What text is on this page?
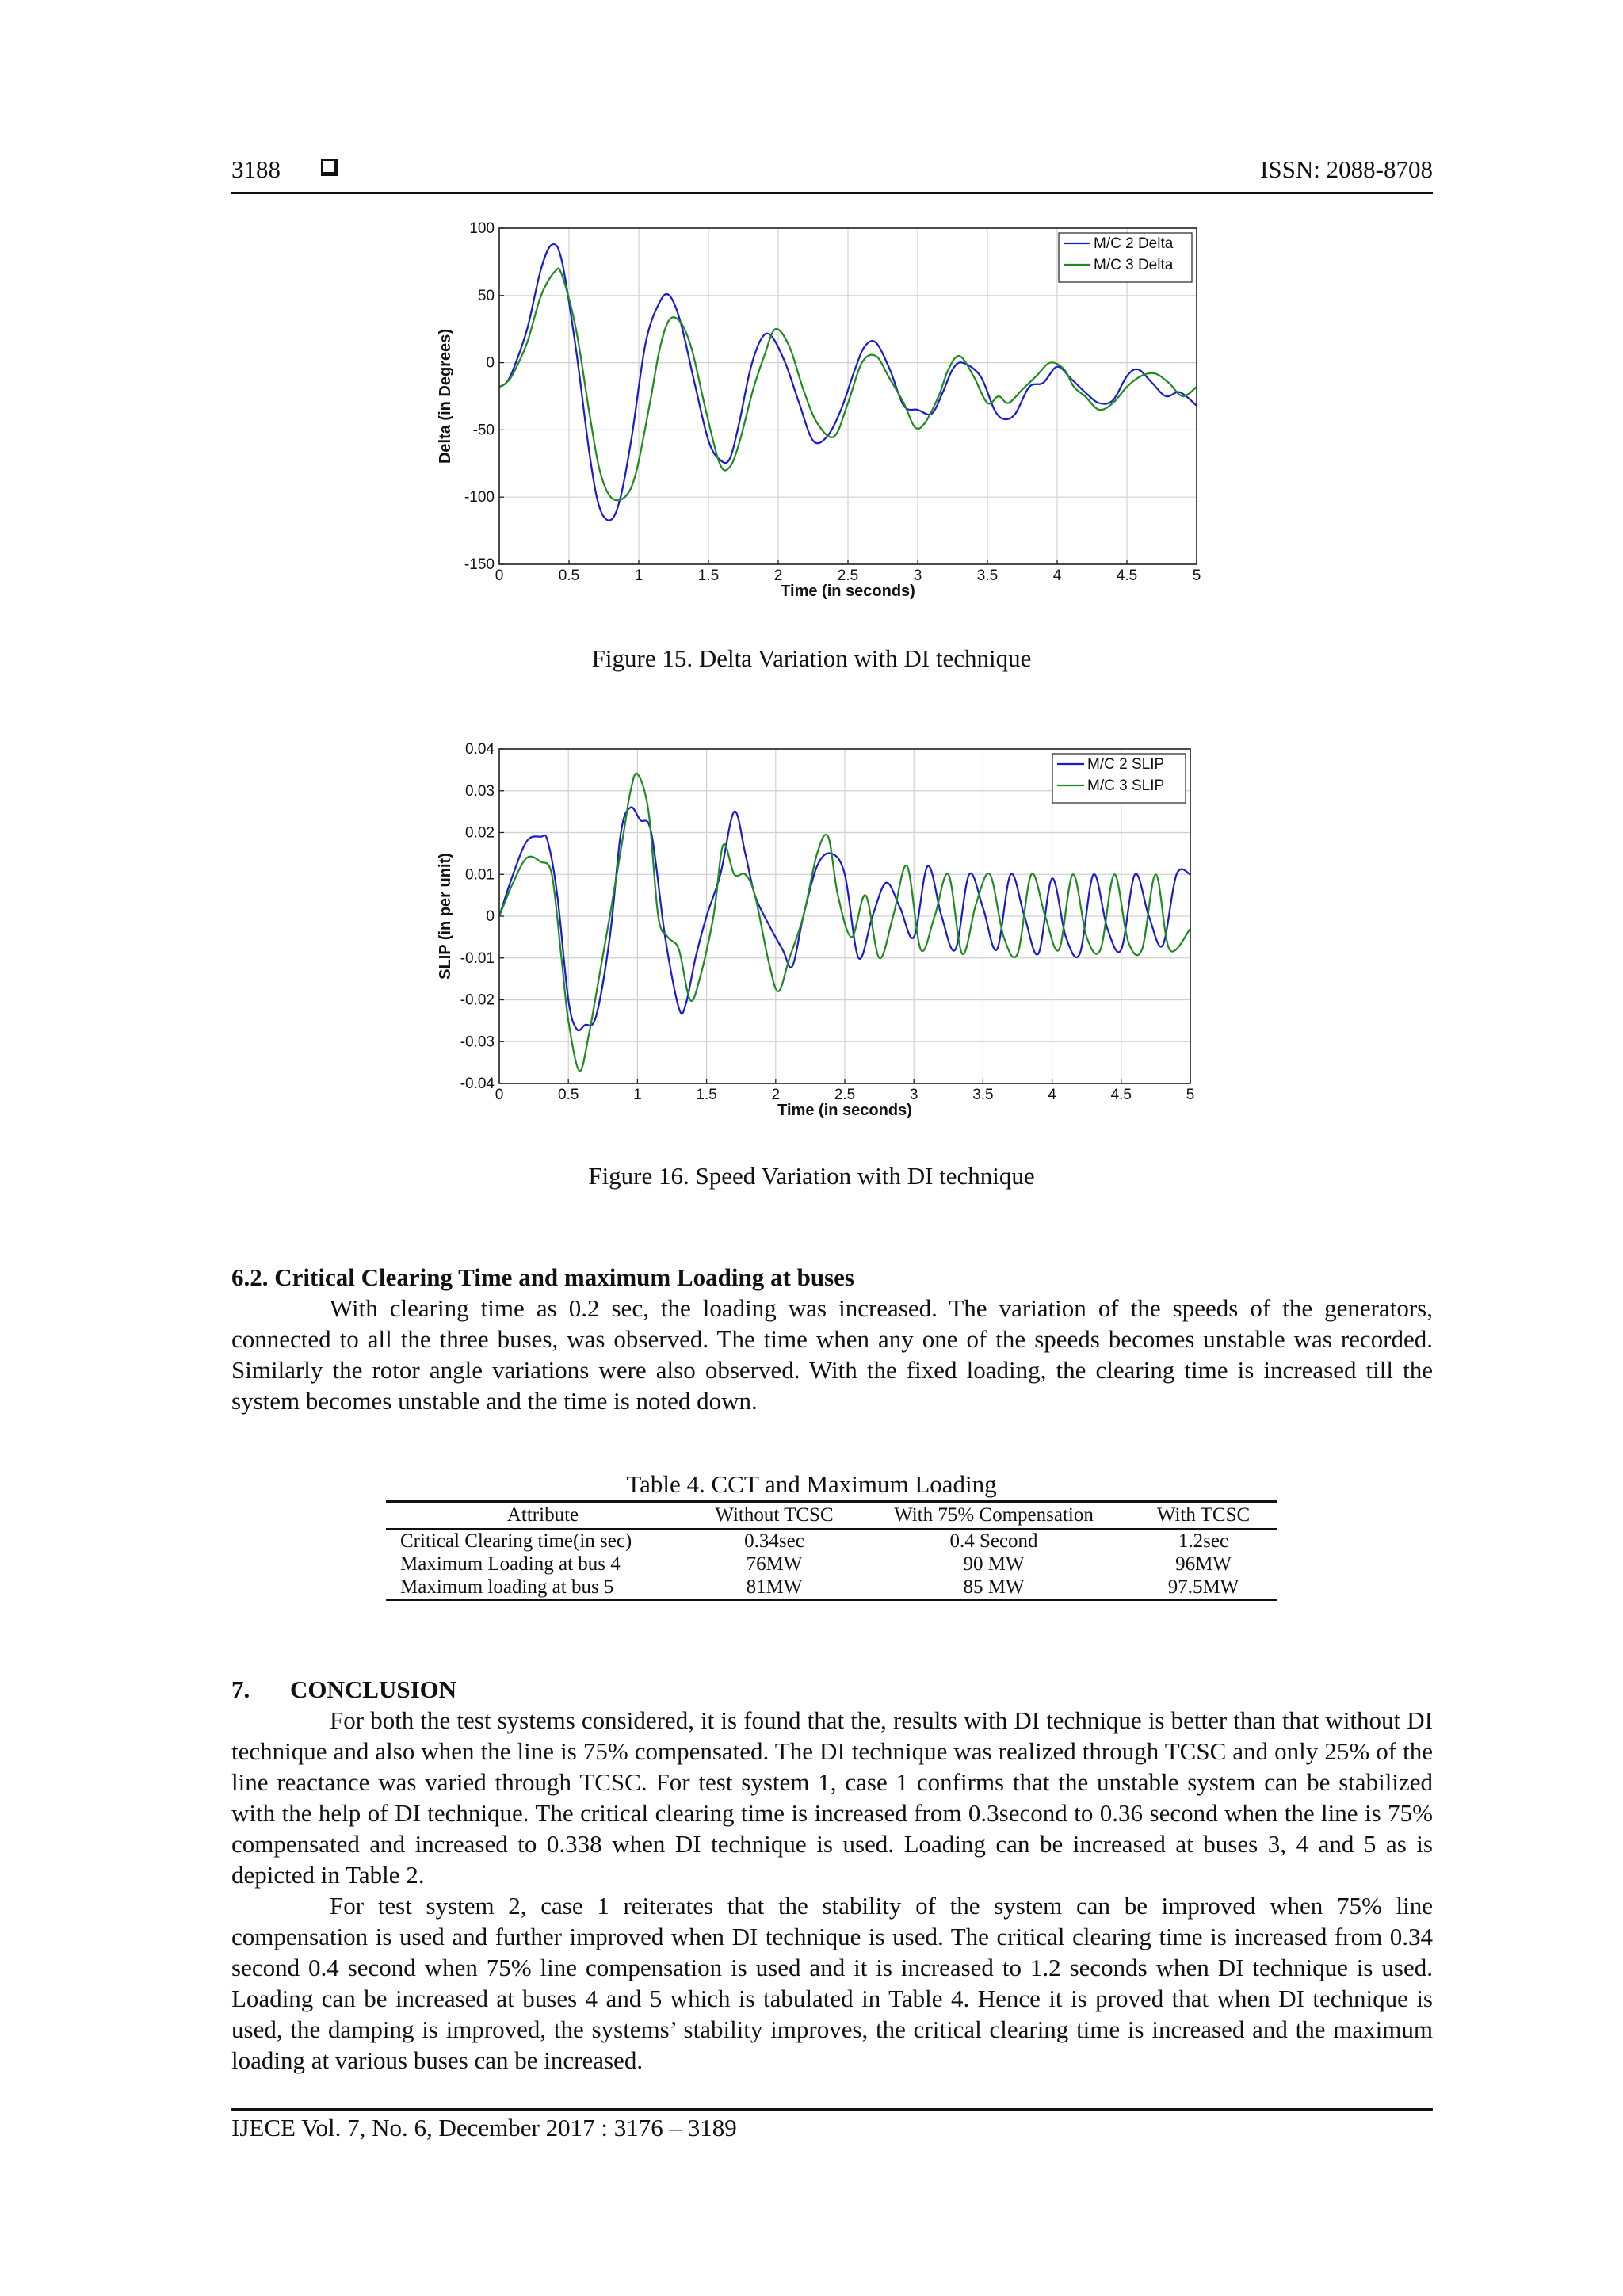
3188	ISSN: 2088-8708
0	0.5	1	1.5	2	2.5	3	3.5	4	4.5	5
100
50
0
-50
-100
-150
Time (in seconds)
Delta (in Degrees)
M/C 2 Delta
M/C 3 Delta
Figure 15. Delta Variation with DI technique
0	0.5	1	1.5	2	2.5	3	3.5	4	4.5	5
0.04
0.03
0.02
0.01
0
-0.01
-0.02
-0.03
-0.04
Time (in seconds)
SLIP (in per unit)
M/C 2 SLIP
M/C 3 SLIP
Figure 16. Speed Variation with DI technique
6.2. Critical Clearing Time and maximum Loading at buses

With clearing time as 0.2 sec, the loading was increased. The variation of the speeds of the generators, connected to all the three buses, was observed. The time when any one of the speeds becomes unstable was recorded. Similarly the rotor angle variations were also observed. With the fixed loading, the clearing time is increased till the system becomes unstable and the time is noted down.

Table 4. CCT and Maximum Loading
Attribute	Without TCSC	With 75% Compensation	With TCSC
Critical Clearing time(in sec)	0.34sec	0.4 Second	1.2sec
Maximum Loading at bus 4	76MW	90 MW	96MW
Maximum loading at bus 5	81MW	85 MW	97.5MW
7. CONCLUSION

For both the test systems considered, it is found that the, results with DI technique is better than that without DI technique and also when the line is 75% compensated. The DI technique was realized through TCSC and only 25% of the line reactance was varied through TCSC. For test system 1, case 1 confirms that the unstable system can be stabilized with the help of DI technique. The critical clearing time is increased from 0.3second to 0.36 second when the line is 75% compensated and increased to 0.338 when DI technique is used. Loading can be increased at buses 3, 4 and 5 as is depicted in Table 2.

For test system 2, case 1 reiterates that the stability of the system can be improved when 75% line compensation is used and further improved when DI technique is used. The critical clearing time is increased from 0.34 second 0.4 second when 75% line compensation is used and it is increased to 1.2 seconds when DI technique is used. Loading can be increased at buses 4 and 5 which is tabulated in Table 4. Hence it is proved that when DI technique is used, the damping is improved, the systems’ stability improves, the critical clearing time is increased and the maximum loading at various buses can be increased.

IJECE Vol. 7, No. 6, December 2017 : 3176 – 3189
